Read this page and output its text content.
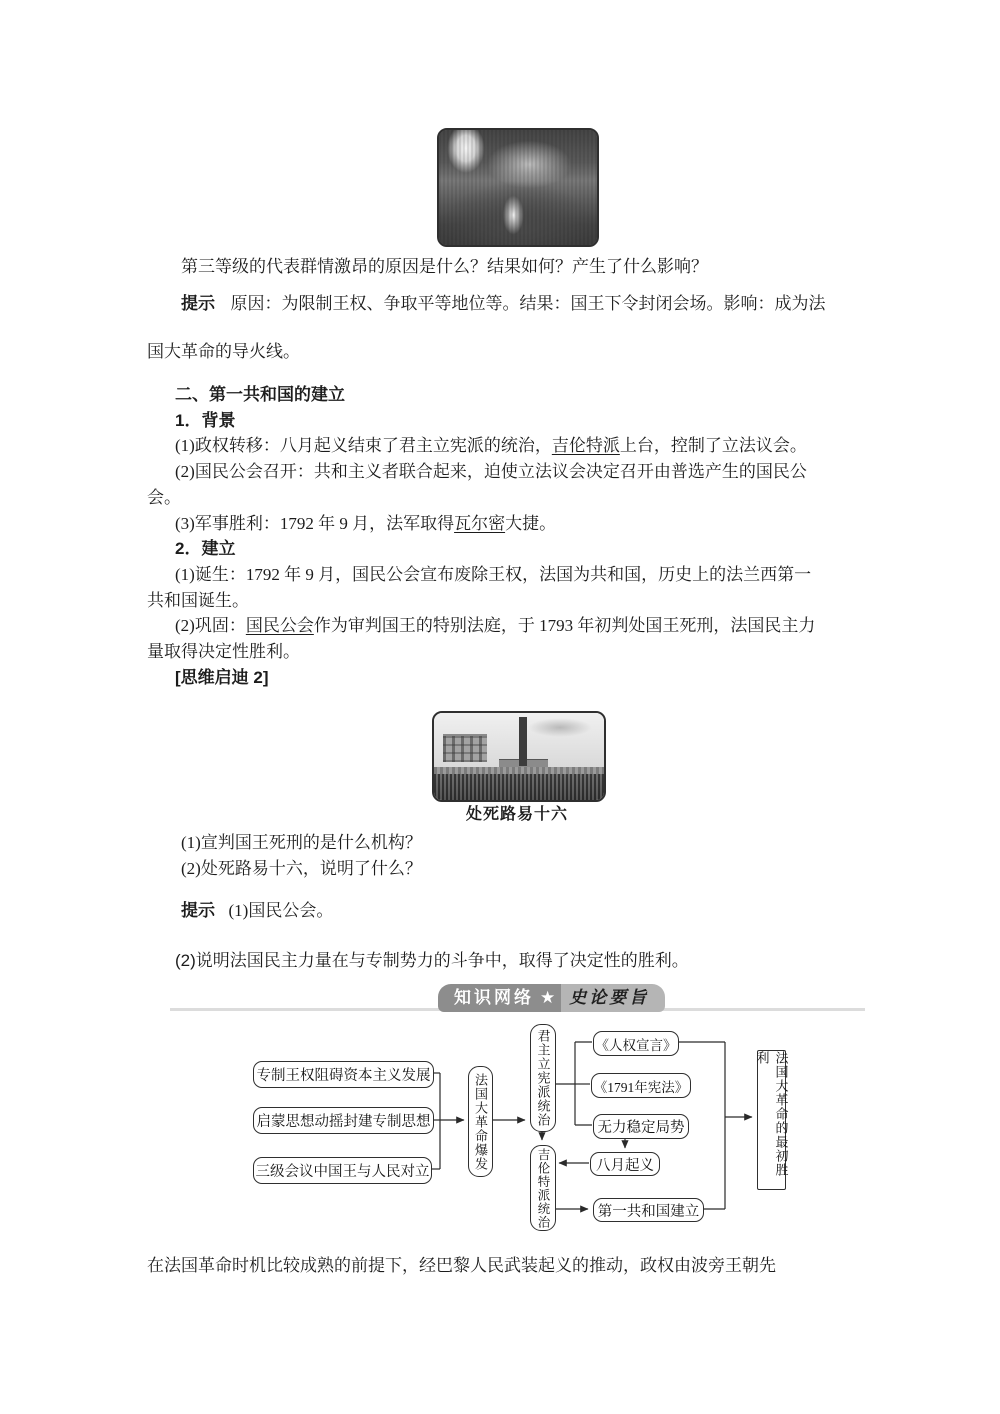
第三等级的代表群情激昂的原因是什么？结果如何？产生了什么影响？
提示 原因：为限制王权、争取平等地位等。结果：国王下令封闭会场。影响：成为法
国大革命的导火线。
二、第一共和国的建立
1．背景
(1)政权转移：八月起义结束了君主立宪派的统治，吉伦特派上台，控制了立法议会。
(2)国民公会召开：共和主义者联合起来，迫使立法议会决定召开由普选产生的国民公
会。
(3)军事胜利：1792 年 9 月，法军取得瓦尔密大捷。
2．建立
(1)诞生：1792 年 9 月，国民公会宣布废除王权，法国为共和国，历史上的法兰西第一
共和国诞生。
(2)巩固：国民公会作为审判国王的特别法庭，于 1793 年初判处国王死刑，法国民主力
量取得决定性胜利。
[思维启迪 2]
处死路易十六
(1)宣判国王死刑的是什么机构？
(2)处死路易十六，说明了什么？
提示 (1)国民公会。
(2)说明法国民主力量在与专制势力的斗争中，取得了决定性的胜利。
知识网络 ★ 史论要旨
专制王权阻碍资本主义发展
启蒙思想动摇封建专制思想
三级会议中国王与人民对立
法国大革命爆发	君主立宪派统治
吉伦特派统治
《人权宣言》
《1791年宪法》
无力稳定局势
八月起义
第一共和国建立
法国大革命的最初胜利
在法国革命时机比较成熟的前提下，经巴黎人民武装起义的推动，政权由波旁王朝先
